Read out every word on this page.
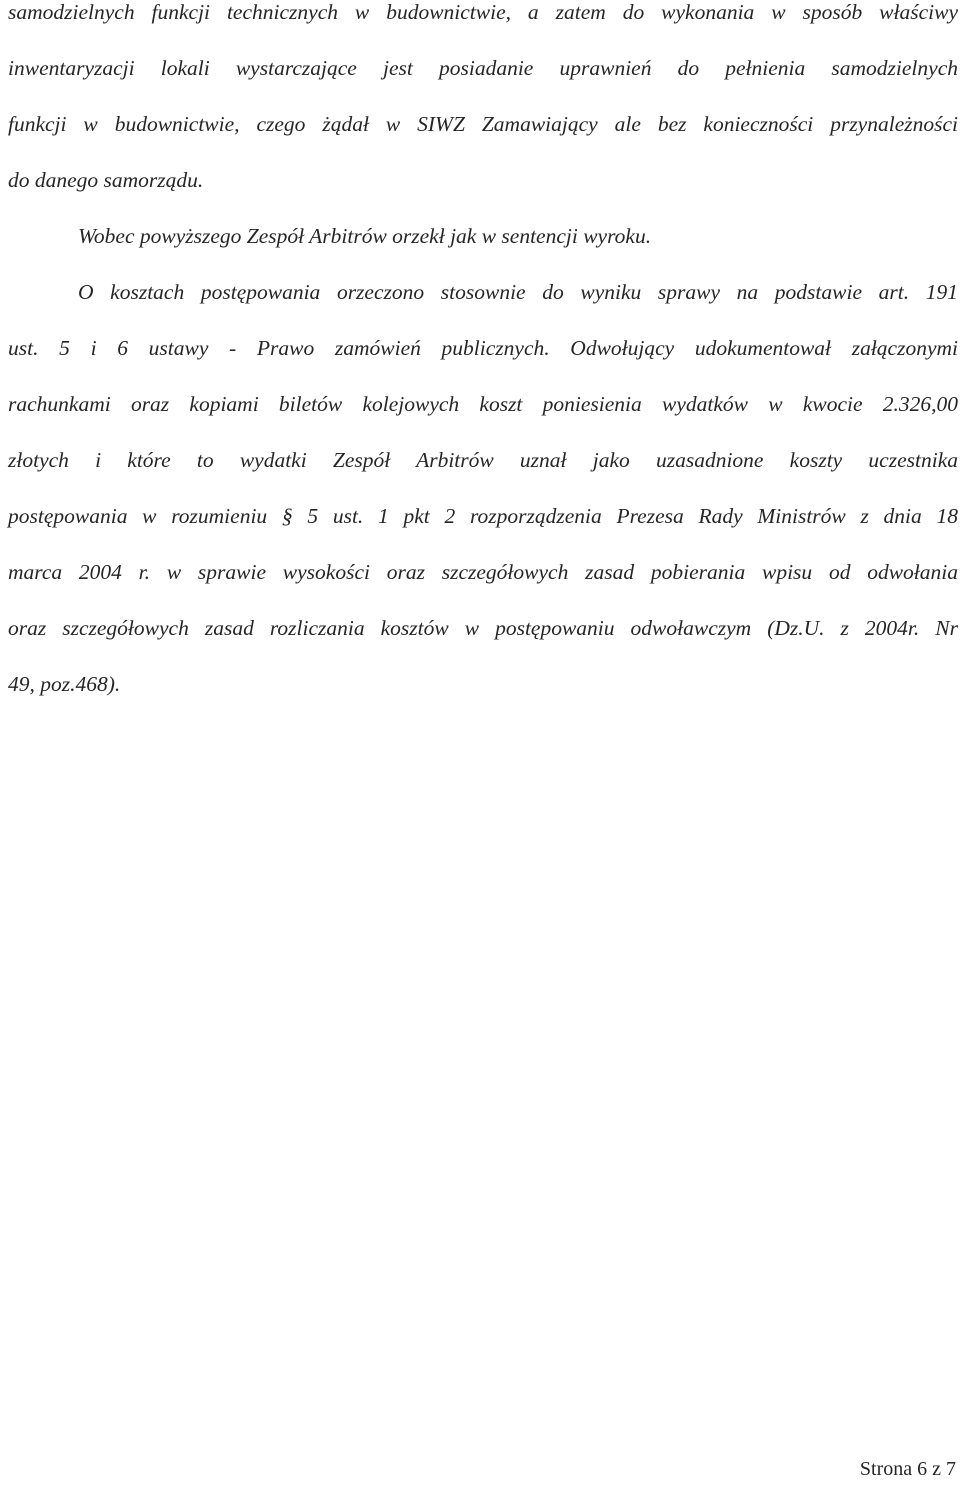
samodzielnych funkcji technicznych w budownictwie, a zatem do wykonania w sposób właściwy
inwentaryzacji lokali wystarczające jest posiadanie uprawnień do pełnienia samodzielnych
funkcji w budownictwie, czego żądał w SIWZ Zamawiający ale bez konieczności przynależności
do danego samorządu.
Wobec powyższego Zespół Arbitrów orzekł jak w sentencji wyroku.
O kosztach postępowania orzeczono stosownie do wyniku sprawy na podstawie art. 191
ust. 5 i 6 ustawy - Prawo zamówień publicznych. Odwołujący udokumentował załączonymi
rachunkami oraz kopiami biletów kolejowych koszt poniesienia wydatków w kwocie 2.326,00
złotych i które to wydatki Zespół Arbitrów uznał jako uzasadnione koszty uczestnika
postępowania w rozumieniu § 5 ust. 1 pkt 2 rozporządzenia Prezesa Rady Ministrów z dnia 18
marca 2004 r. w sprawie wysokości oraz szczegółowych zasad pobierania wpisu od odwołania
oraz szczegółowych zasad rozliczania kosztów w postępowaniu odwoławczym (Dz.U. z 2004r. Nr
49, poz.468).
Strona 6 z 7
